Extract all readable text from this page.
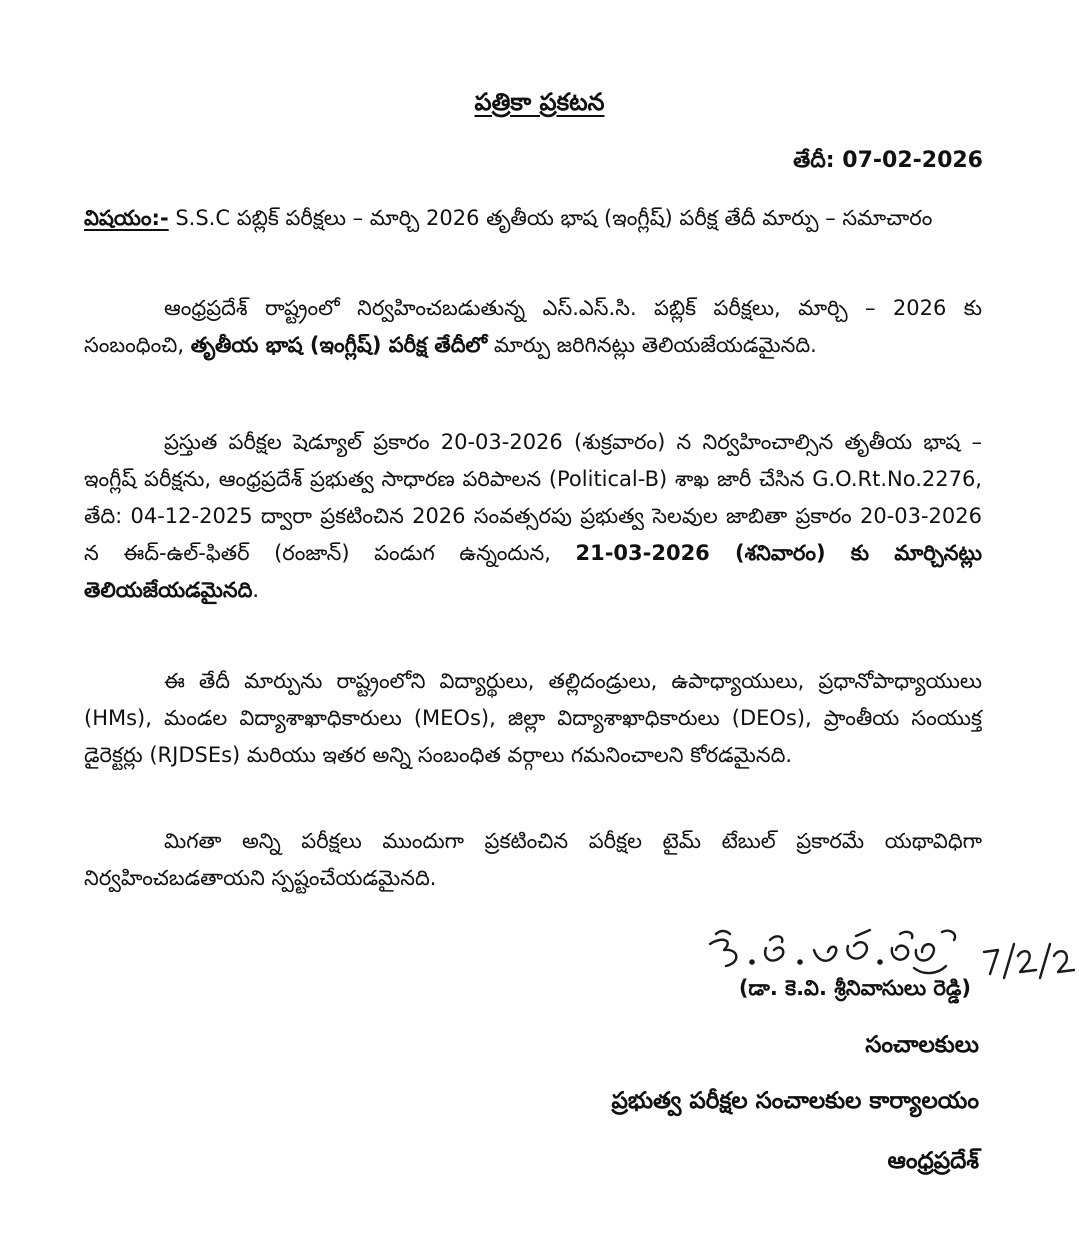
పత్రికా ప్రకటన
తేదీ: 07-02-2026
విషయం:- S.S.C పబ్లిక్ పరీక్షలు – మార్చి 2026 తృతీయ భాష (ఇంగ్లీష్) పరీక్ష తేదీ మార్పు – సమాచారం
ఆంధ్రప్రదేశ్ రాష్ట్రంలో నిర్వహించబడుతున్న ఎస్.ఎస్.సి. పబ్లిక్ పరీక్షలు, మార్చి – 2026 కు సంబంధించి, తృతీయ భాష (ఇంగ్లీష్) పరీక్ష తేదీలో మార్పు జరిగినట్లు తెలియజేయడమైనది.
ప్రస్తుత పరీక్షల షెడ్యూల్ ప్రకారం 20-03-2026 (శుక్రవారం) న నిర్వహించాల్సిన తృతీయ భాష – ఇంగ్లీష్ పరీక్షను, ఆంధ్రప్రదేశ్ ప్రభుత్వ సాధారణ పరిపాలన (Political-B) శాఖ జారీ చేసిన G.O.Rt.No.2276, తేది: 04-12-2025 ద్వారా ప్రకటించిన 2026 సంవత్సరపు ప్రభుత్వ సెలవుల జాబితా ప్రకారం 20-03-2026 న ఈద్-ఉల్-ఫితర్ (రంజాన్) పండుగ ఉన్నందున, 21-03-2026 (శనివారం) కు మార్చినట్లు తెలియజేయడమైనది.
ఈ తేదీ మార్పును రాష్ట్రంలోని విద్యార్థులు, తల్లిదండ్రులు, ఉపాధ్యాయులు, ప్రధానోపాధ్యాయులు (HMs), మండల విద్యాశాఖాధికారులు (MEOs), జిల్లా విద్యాశాఖాధికారులు (DEOs), ప్రాంతీయ సంయుక్త డైరెక్టర్లు (RJDSEs) మరియు ఇతర అన్ని సంబంధిత వర్గాలు గమనించాలని కోరడమైనది.
మిగతా అన్ని పరీక్షలు ముందుగా ప్రకటించిన పరీక్షల టైమ్ టేబుల్ ప్రకారమే యథావిధిగా నిర్వహించబడతాయని స్పష్టంచేయడమైనది.
(డా. కె.వి. శ్రీనివాసులు రెడ్డి)
సంచాలకులు
ప్రభుత్వ పరీక్షల సంచాలకుల కార్యాలయం
ఆంధ్రప్రదేశ్
